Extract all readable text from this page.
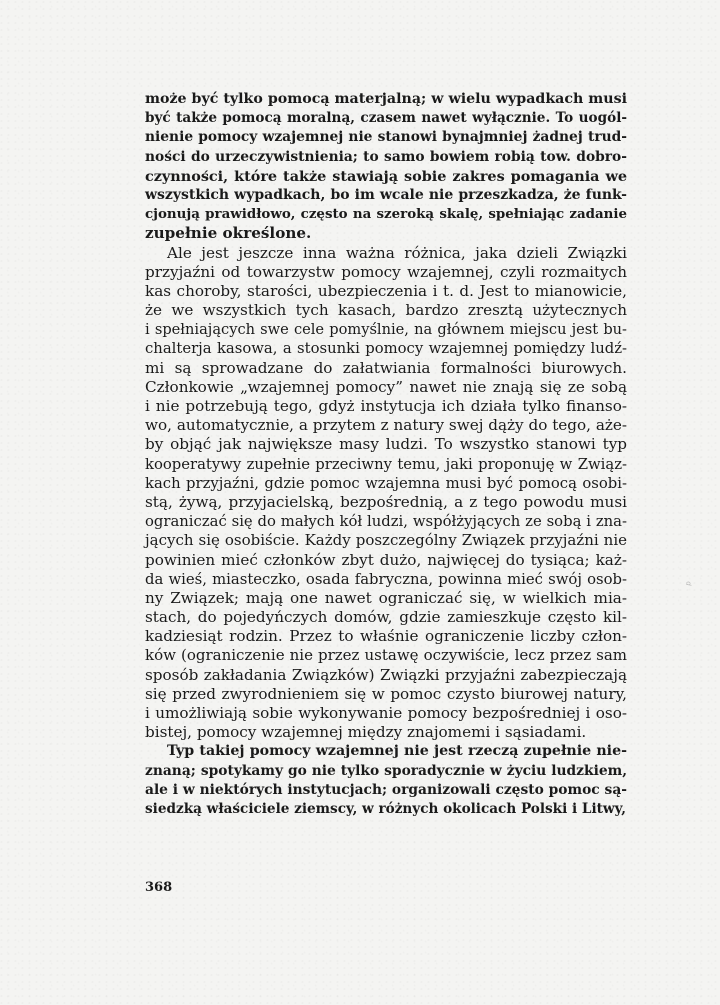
może być tylko pomocą materjalną; w wielu wypadkach musi
być także pomocą moralną, czasem nawet wyłącznie. To uogól-
nienie pomocy wzajemnej nie stanowi bynajmniej żadnej trud-
ności do urzeczywistnienia; to samo bowiem robią tow. dobro-
czynności, które także stawiają sobie zakres pomagania we
wszystkich wypadkach, bo im wcale nie przeszkadza, że funk-
cjonują prawidłowo, często na szeroką skalę, spełniając zadanie
zupełnie określone.
Ale jest jeszcze inna ważna różnica, jaka dzieli Związki
przyjaźni od towarzystw pomocy wzajemnej, czyli rozmaitych
kas choroby, starości, ubezpieczenia i t. d. Jest to mianowicie,
że we wszystkich tych kasach, bardzo zresztą użytecznych
i spełniających swe cele pomyślnie, na głównem miejscu jest bu-
chalterja kasowa, a stosunki pomocy wzajemnej pomiędzy ludź-
mi są sprowadzane do załatwiania formalności biurowych.
Członkowie „wzajemnej pomocy” nawet nie znają się ze sobą
i nie potrzebują tego, gdyż instytucja ich działa tylko finanso-
wo, automatycznie, a przytem z natury swej dąży do tego, aże-
by objąć jak największe masy ludzi. To wszystko stanowi typ
kooperatywy zupełnie przeciwny temu, jaki proponuję w Związ-
kach przyjaźni, gdzie pomoc wzajemna musi być pomocą osobi-
stą, żywą, przyjacielską, bezpośrednią, a z tego powodu musi
ograniczać się do małych kół ludzi, współżyjących ze sobą i zna-
jących się osobiście. Każdy poszczególny Związek przyjaźni nie
powinien mieć członków zbyt dużo, najwięcej do tysiąca; każ-
da wieś, miasteczko, osada fabryczna, powinna mieć swój osob-
ny Związek; mają one nawet ograniczać się, w wielkich mia-
stach, do pojedyńczych domów, gdzie zamieszkuje często kil-
kadziesiąt rodzin. Przez to właśnie ograniczenie liczby człon-
ków (ograniczenie nie przez ustawę oczywiście, lecz przez sam
sposób zakładania Związków) Związki przyjaźni zabezpieczają
się przed zwyrodnieniem się w pomoc czysto biurowej natury,
i umożliwiają sobie wykonywanie pomocy bezpośredniej i oso-
bistej, pomocy wzajemnej między znajomemi i sąsiadami.
Typ takiej pomocy wzajemnej nie jest rzeczą zupełnie nie-
znaną; spotykamy go nie tylko sporadycznie w życiu ludzkiem,
ale i w niektórych instytucjach; organizowali często pomoc są-
siedzką właściciele ziemscy, w różnych okolicach Polski i Litwy,
368
p
